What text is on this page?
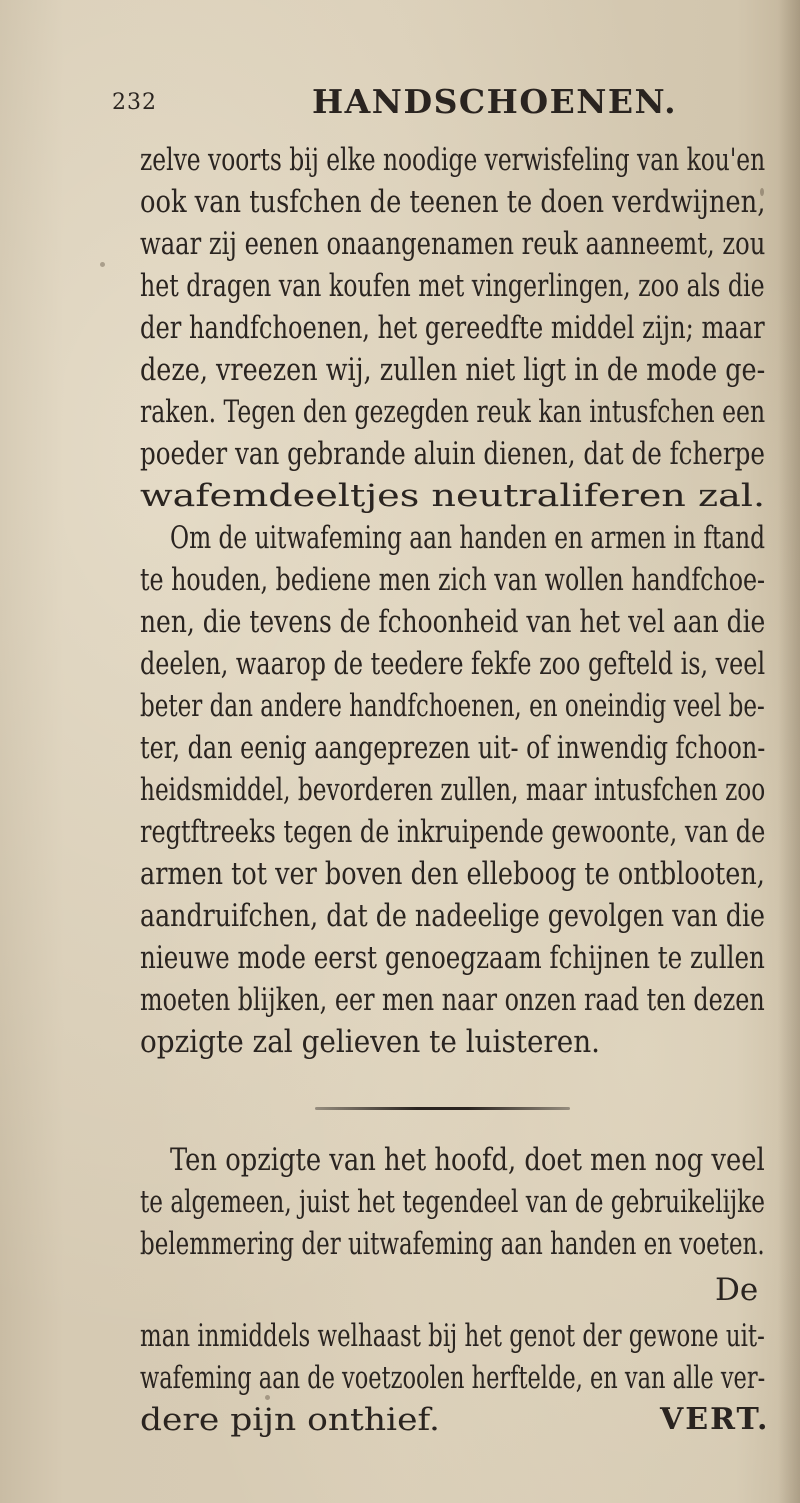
232	HANDSCHOENEN.
zelve voorts bij elke noodige verwisfeling van kou'en
ook van tusfchen de teenen te doen verdwijnen,
waar zij eenen onaangenamen reuk aanneemt, zou
het dragen van koufen met vingerlingen, zoo als die
der handfchoenen, het gereedfte middel zijn; maar
deze, vreezen wij, zullen niet ligt in de mode ge-
raken. Tegen den gezegden reuk kan intusfchen een
poeder van gebrande aluin dienen, dat de fcherpe
wafemdeeltjes neutraliferen zal.
Om de uitwafeming aan handen en armen in ftand
te houden, bediene men zich van wollen handfchoe-
nen, die tevens de fchoonheid van het vel aan die
deelen, waarop de teedere fekfe zoo gefteld is, veel
beter dan andere handfchoenen, en oneindig veel be-
ter, dan eenig aangeprezen uit- of inwendig fchoon-
heidsmiddel, bevorderen zullen, maar intusfchen zoo
regtftreeks tegen de inkruipende gewoonte, van de
armen tot ver boven den elleboog te ontblooten,
aandruifchen, dat de nadeelige gevolgen van die
nieuwe mode eerst genoegzaam fchijnen te zullen
moeten blijken, eer men naar onzen raad ten dezen
opzigte zal gelieven te luisteren.
Ten opzigte van het hoofd, doet men nog veel
te algemeen, juist het tegendeel van de gebruikelijke
belemmering der uitwafeming aan handen en voeten.
De
man inmiddels welhaast bij het genot der gewone uit-
wafeming aan de voetzoolen herftelde, en van alle ver-
dere pijn onthief.	VERT.
